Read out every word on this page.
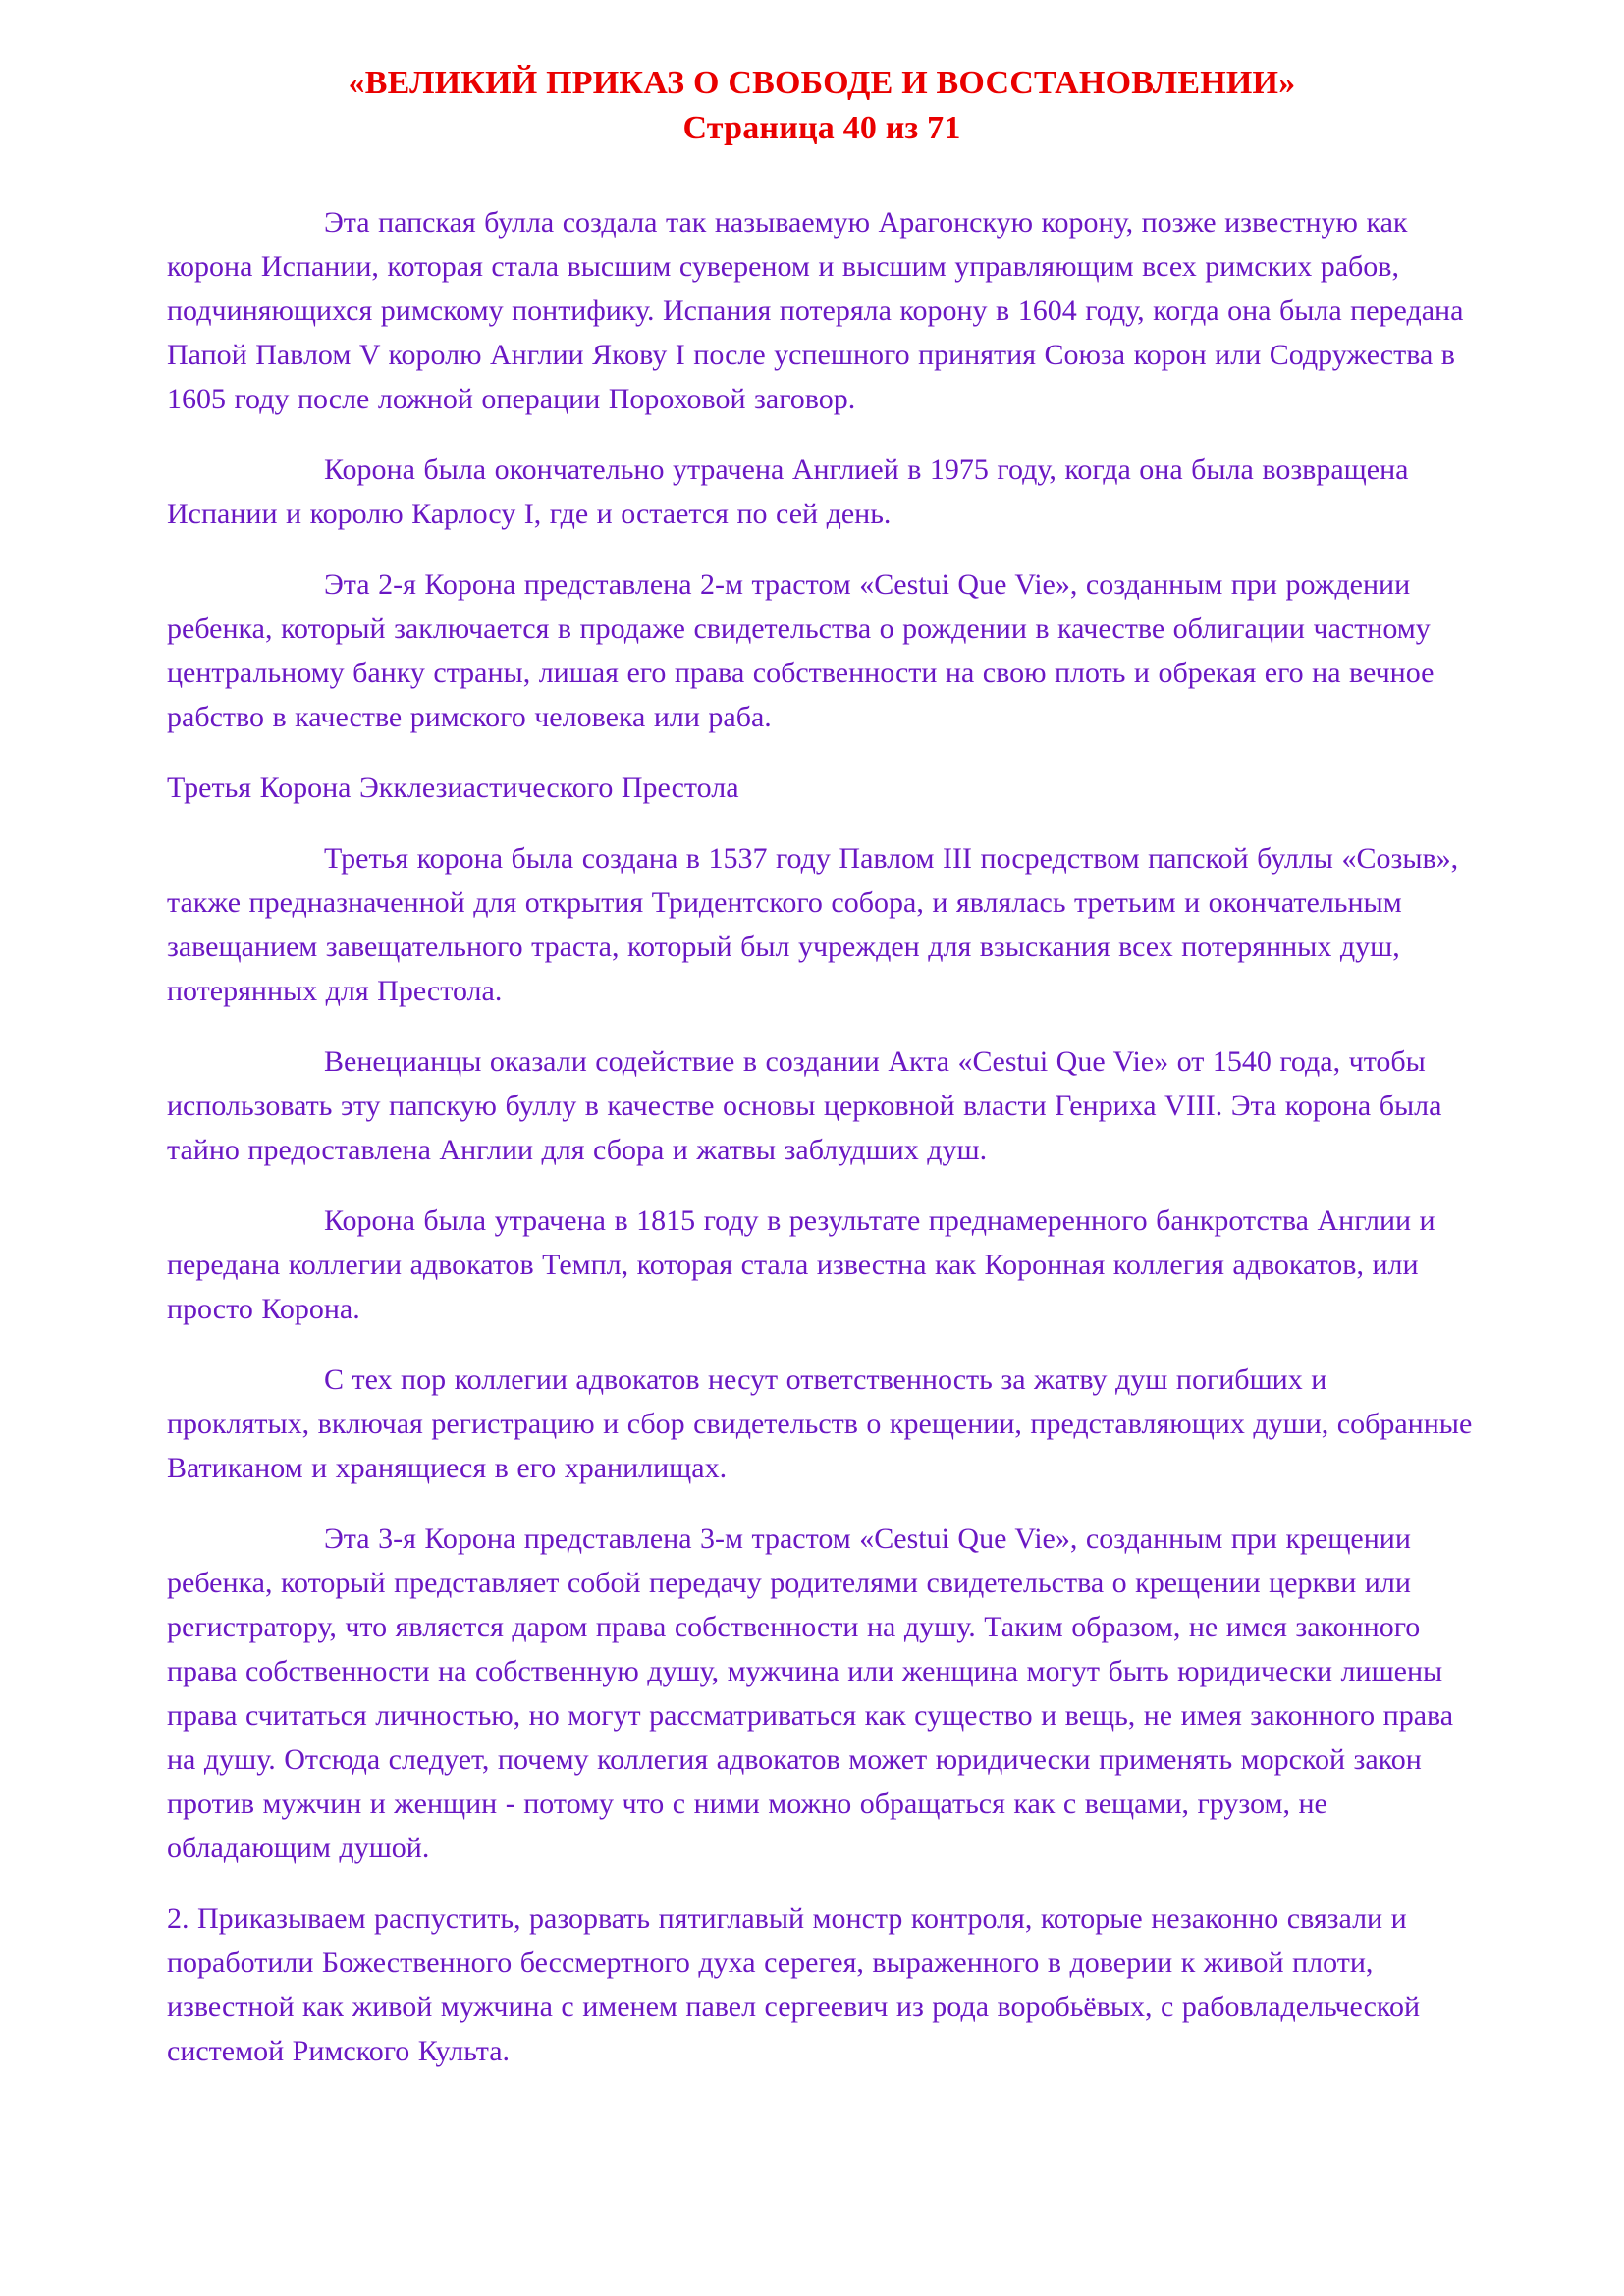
«ВЕЛИКИЙ ПРИКАЗ О СВОБОДЕ И ВОССТАНОВЛЕНИИ»
Страница 40 из 71

Эта папская булла создала так называемую Арагонскую корону, позже известную как корона Испании, которая стала высшим сувереном и высшим управляющим всех римских рабов, подчиняющихся римскому понтифику. Испания потеряла корону в 1604 году, когда она была передана Папой Павлом V королю Англии Якову I после успешного принятия Союза корон или Содружества в 1605 году после ложной операции Пороховой заговор.

Корона была окончательно утрачена Англией в 1975 году, когда она была возвращена Испании и королю Карлосу I, где и остается по сей день.

Эта 2-я Корона представлена 2-м трастом «Cestui Que Vie», созданным при рождении ребенка, который заключается в продаже свидетельства о рождении в качестве облигации частному центральному банку страны, лишая его права собственности на свою плоть и обрекая его на вечное рабство в качестве римского человека или раба.

Третья Корона Экклезиастического Престола

Третья корона была создана в 1537 году Павлом III посредством папской буллы «Созыв», также предназначенной для открытия Тридентского собора, и являлась третьим и окончательным завещанием завещательного траста, который был учрежден для взыскания всех потерянных душ, потерянных для Престола.

Венецианцы оказали содействие в создании Акта «Cestui Que Vie» от 1540 года, чтобы использовать эту папскую буллу в качестве основы церковной власти Генриха VIII. Эта корона была тайно предоставлена Англии для сбора и жатвы заблудших душ.

Корона была утрачена в 1815 году в результате преднамеренного банкротства Англии и передана коллегии адвокатов Темпл, которая стала известна как Коронная коллегия адвокатов, или просто Корона.

С тех пор коллегии адвокатов несут ответственность за жатву душ погибших и проклятых, включая регистрацию и сбор свидетельств о крещении, представляющих души, собранные Ватиканом и хранящиеся в его хранилищах.

Эта 3-я Корона представлена 3-м трастом «Cestui Que Vie», созданным при крещении ребенка, который представляет собой передачу родителями свидетельства о крещении церкви или регистратору, что является даром права собственности на душу. Таким образом, не имея законного права собственности на собственную душу, мужчина или женщина могут быть юридически лишены права считаться личностью, но могут рассматриваться как существо и вещь, не имея законного права на душу. Отсюда следует, почему коллегия адвокатов может юридически применять морской закон против мужчин и женщин - потому что с ними можно обращаться как с вещами, грузом, не обладающим душой.

2. Приказываем распустить, разорвать пятиглавый монстр контроля, которые незаконно связали и поработили Божественного бессмертного духа серегея, выраженного в доверии к живой плоти, известной как живой мужчина с именем павел сергеевич из рода воробьёвых, с рабовладельческой системой Римского Культа.
